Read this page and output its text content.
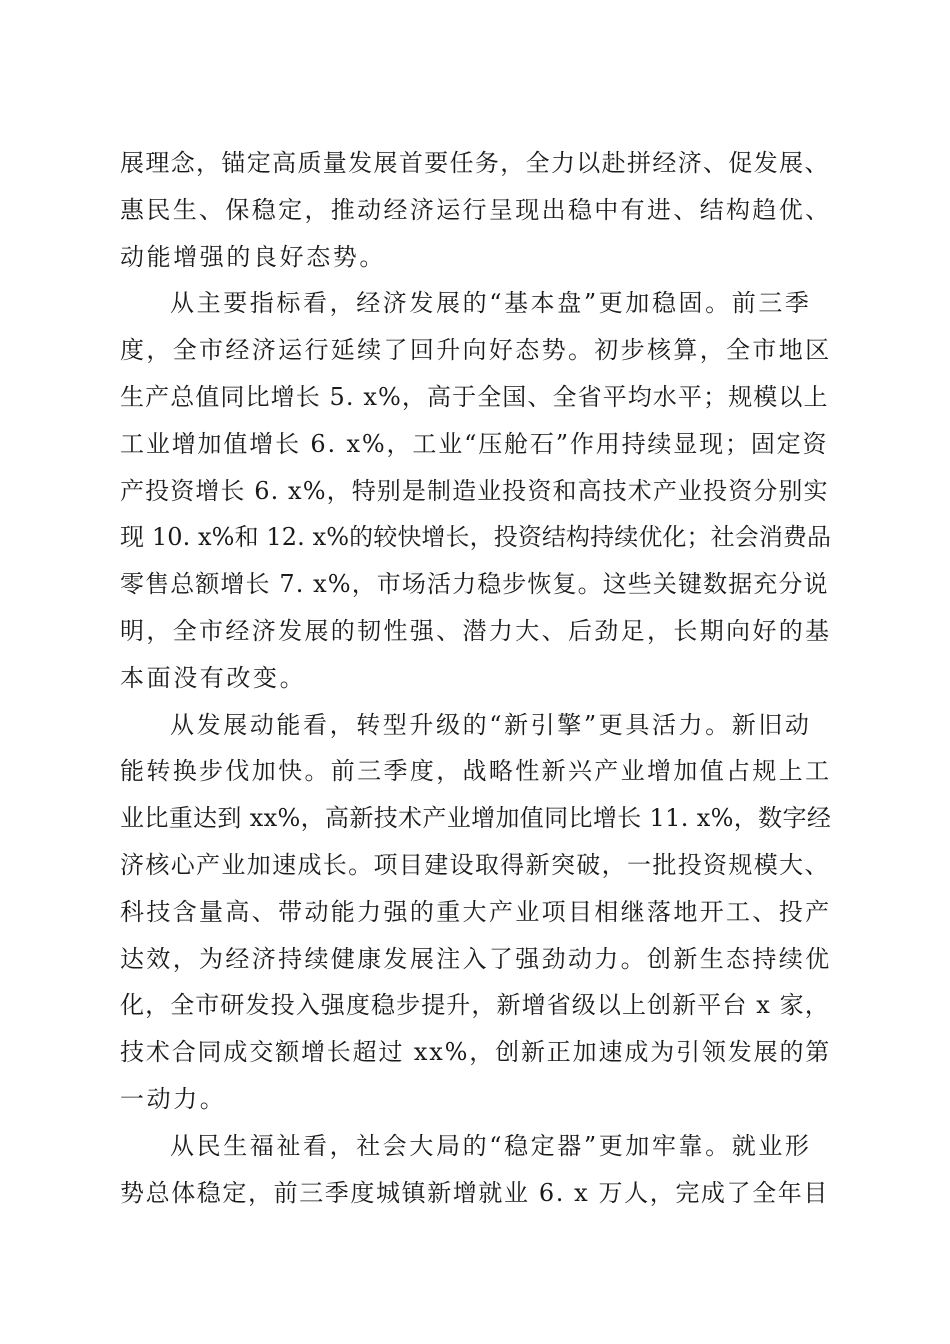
展理念，锚定高质量发展首要任务，全力以赴拼经济、促发展、
惠民生、保稳定，推动经济运行呈现出稳中有进、结构趋优、
动能增强的良好态势。
从主要指标看，经济发展的“基本盘”更加稳固。前三季
度，全市经济运行延续了回升向好态势。初步核算，全市地区
生产总值同比增长 5. x%，高于全国、全省平均水平；规模以上
工业增加值增长 6. x%，工业“压舱石”作用持续显现；固定资
产投资增长 6. x%，特别是制造业投资和高技术产业投资分别实
现 10. x%和 12. x%的较快增长，投资结构持续优化；社会消费品
零售总额增长 7. x%，市场活力稳步恢复。这些关键数据充分说
明，全市经济发展的韧性强、潜力大、后劲足，长期向好的基
本面没有改变。
从发展动能看，转型升级的“新引擎”更具活力。新旧动
能转换步伐加快。前三季度，战略性新兴产业增加值占规上工
业比重达到 xx%，高新技术产业增加值同比增长 11. x%，数字经
济核心产业加速成长。项目建设取得新突破，一批投资规模大、
科技含量高、带动能力强的重大产业项目相继落地开工、投产
达效，为经济持续健康发展注入了强劲动力。创新生态持续优
化，全市研发投入强度稳步提升，新增省级以上创新平台 x 家，
技术合同成交额增长超过 xx%，创新正加速成为引领发展的第
一动力。
从民生福祉看，社会大局的“稳定器”更加牢靠。就业形
势总体稳定，前三季度城镇新增就业 6. x 万人，完成了全年目
